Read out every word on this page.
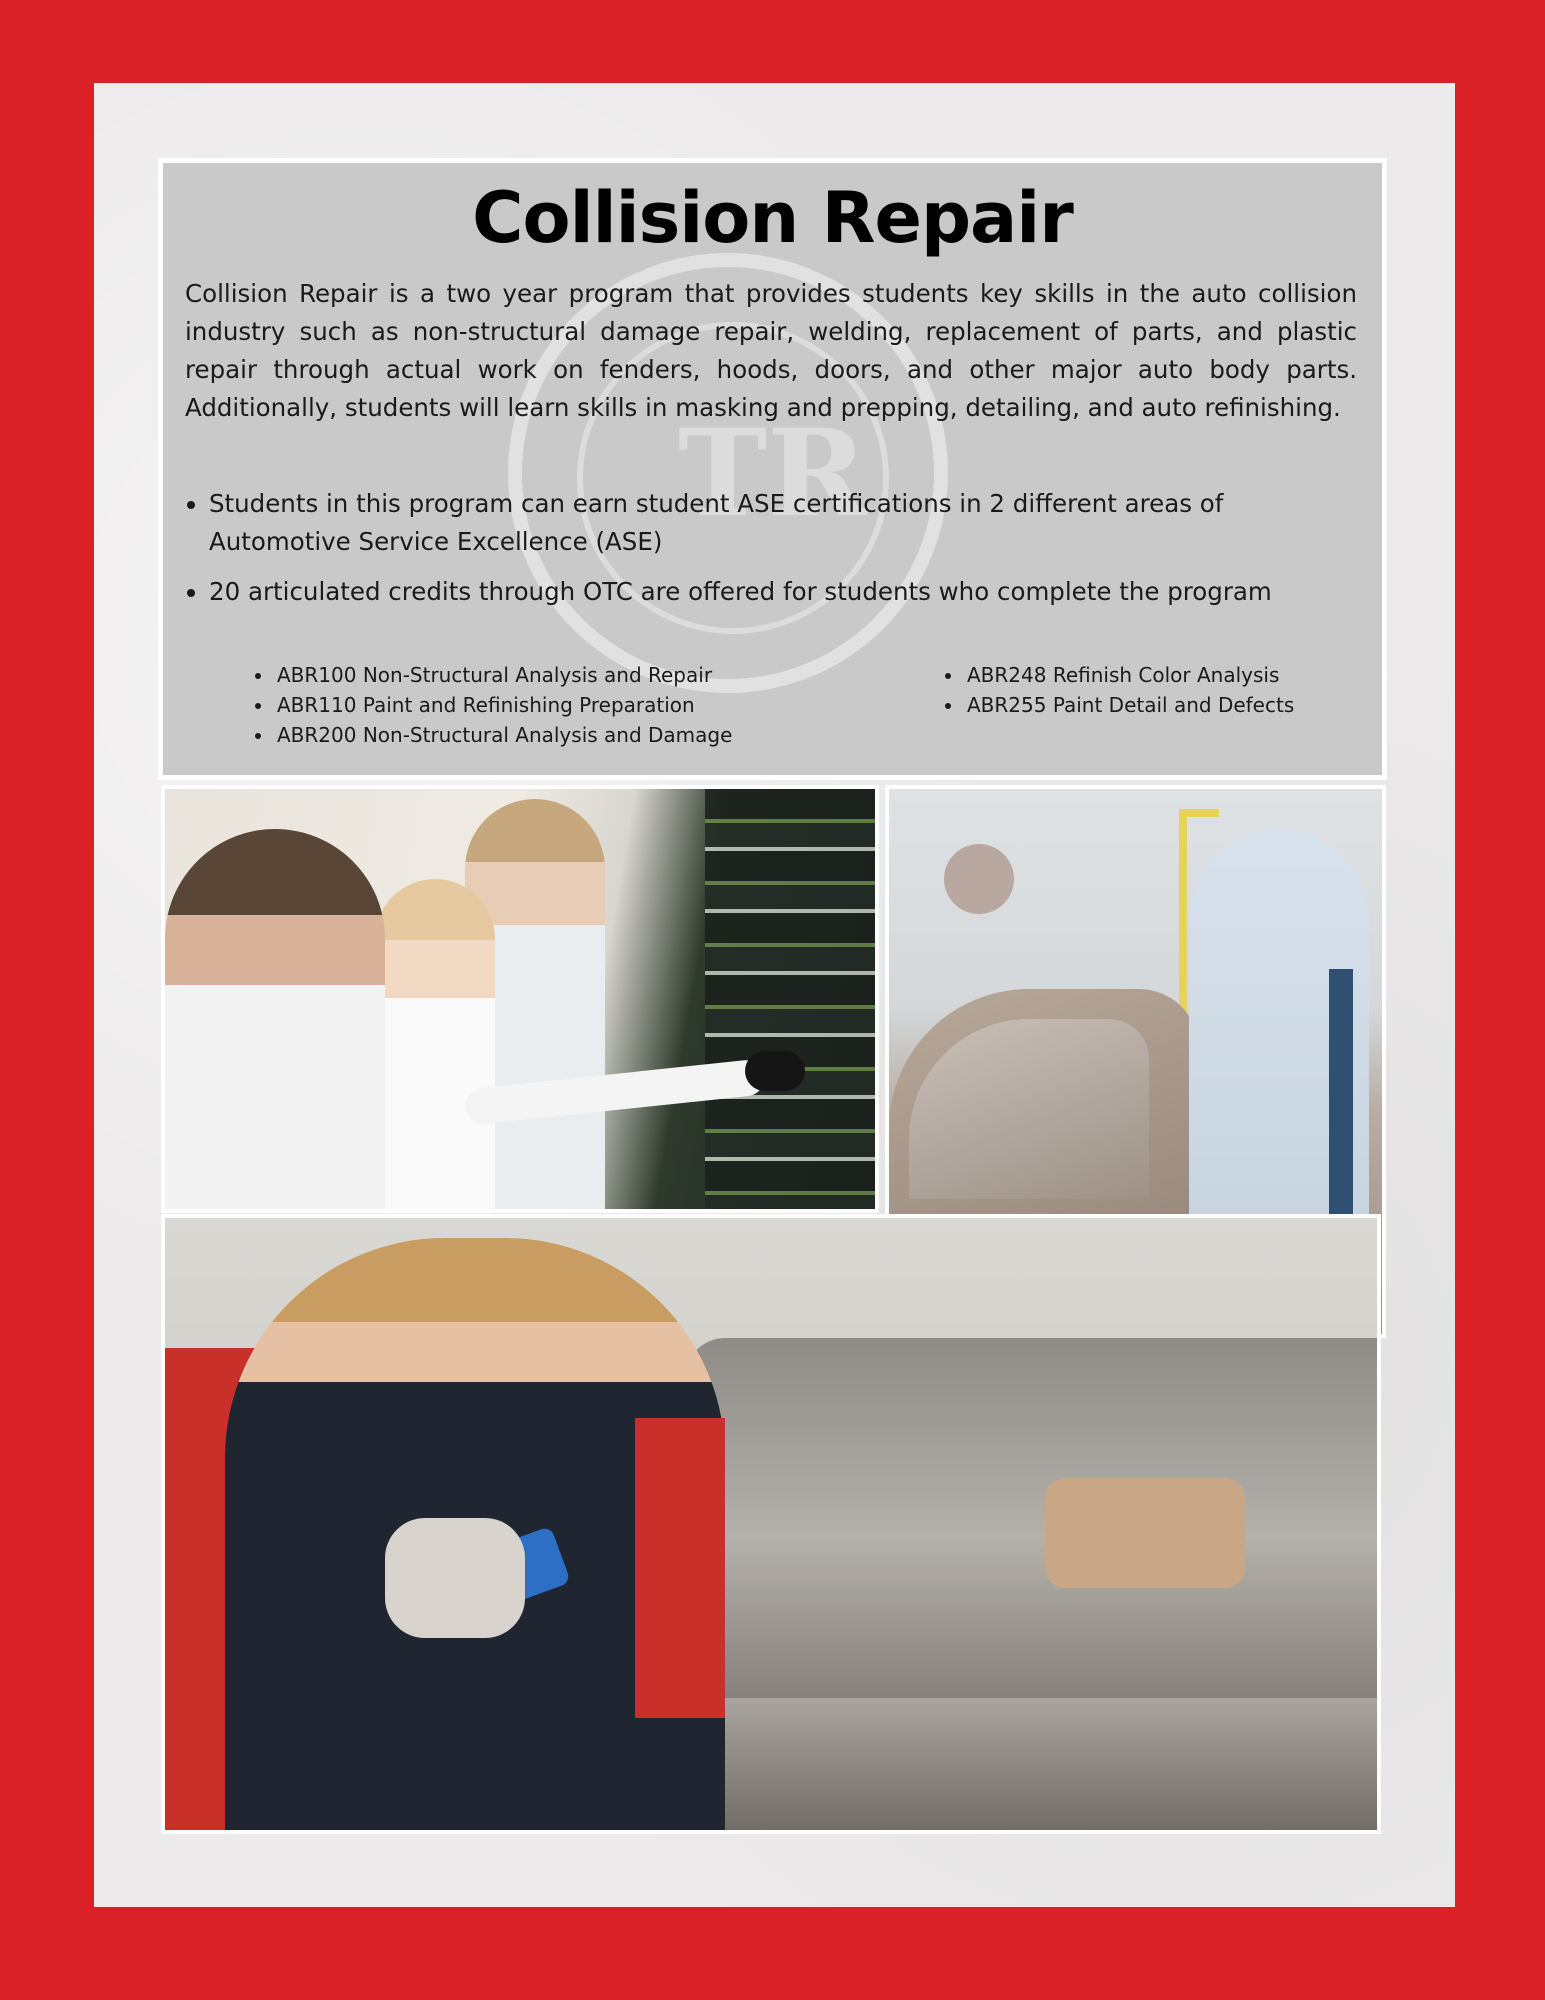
TR
Collision Repair

Collision Repair is a two year program that provides students key skills in the auto collision industry such as non-structural damage repair, welding, replacement of parts, and plastic repair through actual work on fenders, hoods, doors, and other major auto body parts. Additionally, students will learn skills in masking and prepping, detailing, and auto refinishing.

Students in this program can earn student ASE certifications in 2 different areas of Automotive Service Excellence (ASE)
20 articulated credits through OTC are offered for students who complete the program
ABR100 Non-Structural Analysis and Repair
ABR110 Paint and Refinishing Preparation
ABR200 Non-Structural Analysis and Damage
ABR248 Refinish Color Analysis
ABR255 Paint Detail and Defects
